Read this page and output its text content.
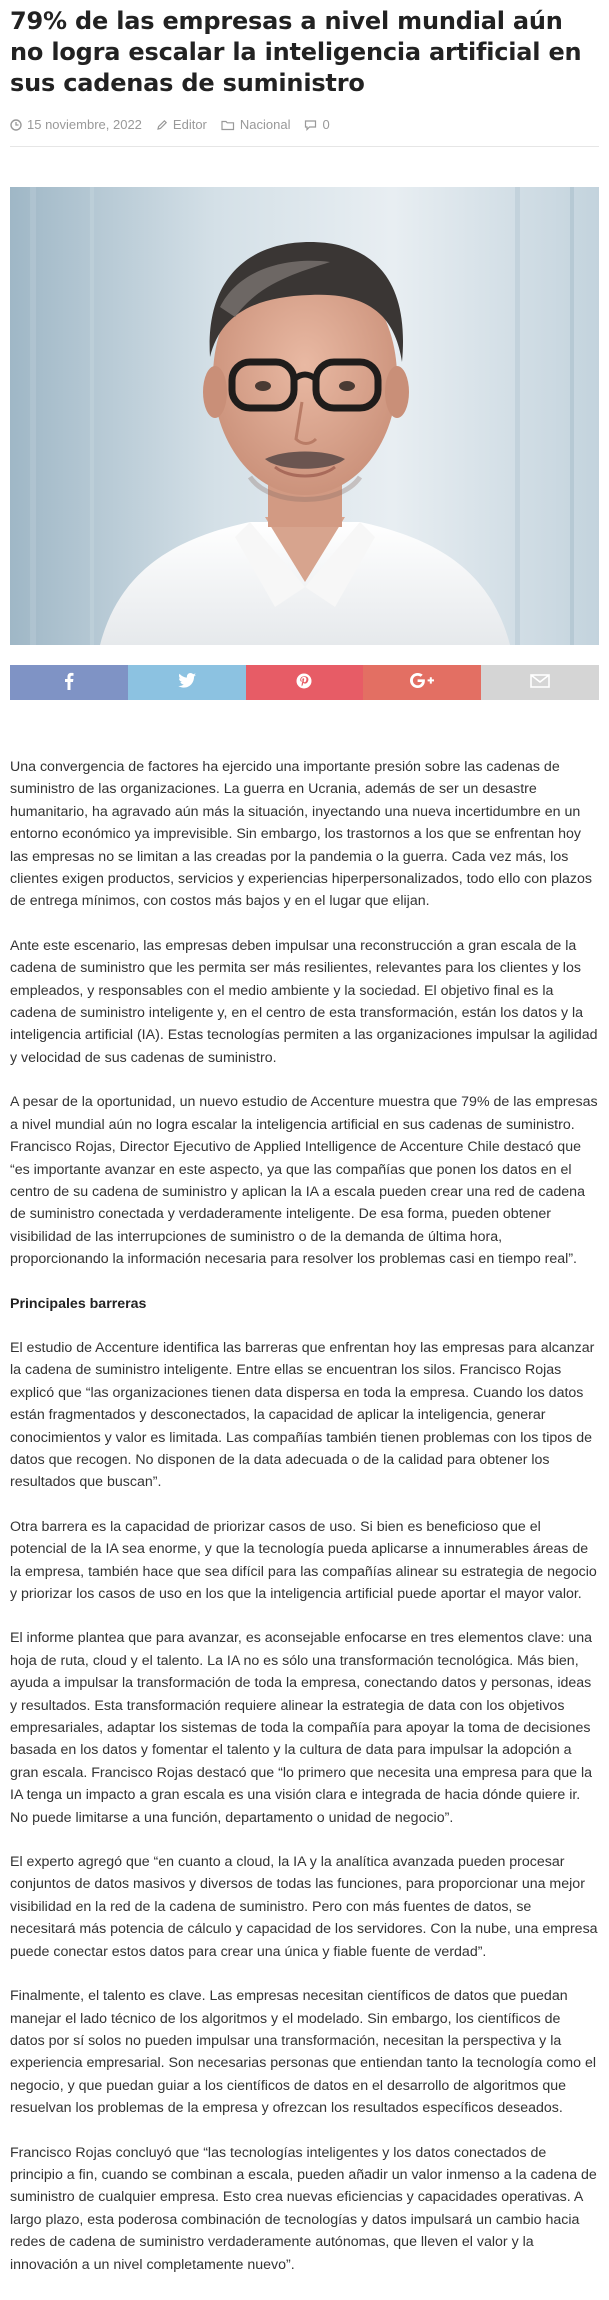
79% de las empresas a nivel mundial aún no logra escalar la inteligencia artificial en sus cadenas de suministro
15 noviembre, 2022 Editor	Nacional 0

Una convergencia de factores ha ejercido una importante presión sobre las cadenas de suministro de las organizaciones. La guerra en Ucrania, además de ser un desastre humanitario, ha agravado aún más la situación, inyectando una nueva incertidumbre en un entorno económico ya imprevisible. Sin embargo, los trastornos a los que se enfrentan hoy las empresas no se limitan a las creadas por la pandemia o la guerra. Cada vez más, los clientes exigen productos, servicios y experiencias hiperpersonalizados, todo ello con plazos de entrega mínimos, con costos más bajos y en el lugar que elijan.

Ante este escenario, las empresas deben impulsar una reconstrucción a gran escala de la cadena de suministro que les permita ser más resilientes, relevantes para los clientes y los empleados, y responsables con el medio ambiente y la sociedad. El objetivo final es la cadena de suministro inteligente y, en el centro de esta transformación, están los datos y la inteligencia artificial (IA). Estas tecnologías permiten a las organizaciones impulsar la agilidad y velocidad de sus cadenas de suministro.

A pesar de la oportunidad, un nuevo estudio de Accenture muestra que 79% de las empresas a nivel mundial aún no logra escalar la inteligencia artificial en sus cadenas de suministro. Francisco Rojas, Director Ejecutivo de Applied Intelligence de Accenture Chile destacó que “es importante avanzar en este aspecto, ya que las compañías que ponen los datos en el centro de su cadena de suministro y aplican la IA a escala pueden crear una red de cadena de suministro conectada y verdaderamente inteligente. De esa forma, pueden obtener visibilidad de las interrupciones de suministro o de la demanda de última hora, proporcionando la información necesaria para resolver los problemas casi en tiempo real”.

Principales barreras

El estudio de Accenture identifica las barreras que enfrentan hoy las empresas para alcanzar la cadena de suministro inteligente. Entre ellas se encuentran los silos. Francisco Rojas explicó que “las organizaciones tienen data dispersa en toda la empresa. Cuando los datos están fragmentados y desconectados, la capacidad de aplicar la inteligencia, generar conocimientos y valor es limitada. Las compañías también tienen problemas con los tipos de datos que recogen. No disponen de la data adecuada o de la calidad para obtener los resultados que buscan”.

Otra barrera es la capacidad de priorizar casos de uso. Si bien es beneficioso que el potencial de la IA sea enorme, y que la tecnología pueda aplicarse a innumerables áreas de la empresa, también hace que sea difícil para las compañías alinear su estrategia de negocio y priorizar los casos de uso en los que la inteligencia artificial puede aportar el mayor valor.

El informe plantea que para avanzar, es aconsejable enfocarse en tres elementos clave: una hoja de ruta, cloud y el talento. La IA no es sólo una transformación tecnológica. Más bien, ayuda a impulsar la transformación de toda la empresa, conectando datos y personas, ideas y resultados. Esta transformación requiere alinear la estrategia de data con los objetivos empresariales, adaptar los sistemas de toda la compañía para apoyar la toma de decisiones basada en los datos y fomentar el talento y la cultura de data para impulsar la adopción a gran escala. Francisco Rojas destacó que “lo primero que necesita una empresa para que la IA tenga un impacto a gran escala es una visión clara e integrada de hacia dónde quiere ir. No puede limitarse a una función, departamento o unidad de negocio”.

El experto agregó que “en cuanto a cloud, la IA y la analítica avanzada pueden procesar conjuntos de datos masivos y diversos de todas las funciones, para proporcionar una mejor visibilidad en la red de la cadena de suministro. Pero con más fuentes de datos, se necesitará más potencia de cálculo y capacidad de los servidores. Con la nube, una empresa puede conectar estos datos para crear una única y fiable fuente de verdad”.

Finalmente, el talento es clave. Las empresas necesitan científicos de datos que puedan manejar el lado técnico de los algoritmos y el modelado. Sin embargo, los científicos de datos por sí solos no pueden impulsar una transformación, necesitan la perspectiva y la experiencia empresarial. Son necesarias personas que entiendan tanto la tecnología como el negocio, y que puedan guiar a los científicos de datos en el desarrollo de algoritmos que resuelvan los problemas de la empresa y ofrezcan los resultados específicos deseados.

Francisco Rojas concluyó que “las tecnologías inteligentes y los datos conectados de principio a fin, cuando se combinan a escala, pueden añadir un valor inmenso a la cadena de suministro de cualquier empresa. Esto crea nuevas eficiencias y capacidades operativas. A largo plazo, esta poderosa combinación de tecnologías y datos impulsará un cambio hacia redes de cadena de suministro verdaderamente autónomas, que lleven el valor y la innovación a un nivel completamente nuevo”.
